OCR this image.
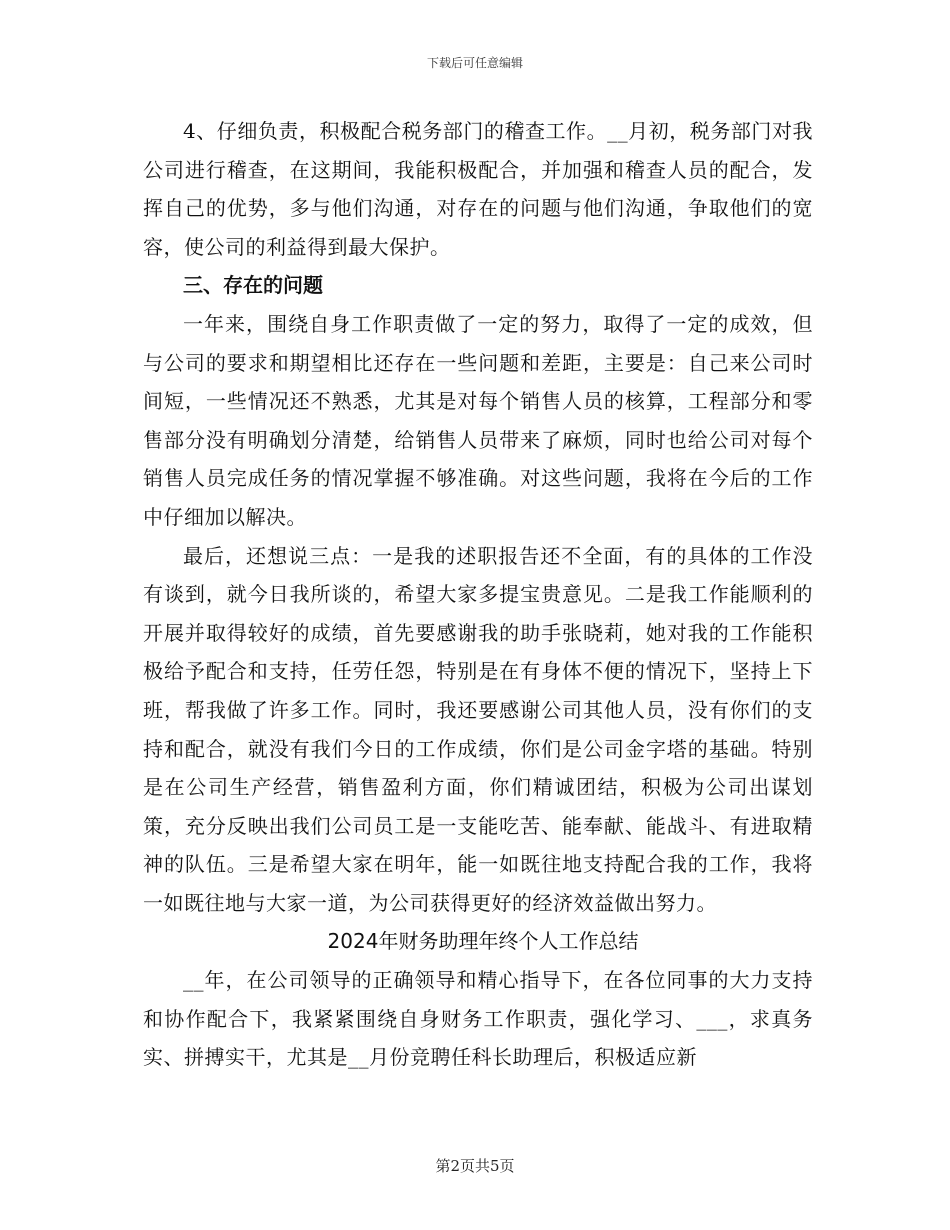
下载后可任意编辑

4、仔细负责，积极配合税务部门的稽查工作。__月初，税务部门对我公司进行稽查，在这期间，我能积极配合，并加强和稽查人员的配合，发挥自己的优势，多与他们沟通，对存在的问题与他们沟通，争取他们的宽容，使公司的利益得到最大保护。

三、存在的问题

一年来，围绕自身工作职责做了一定的努力，取得了一定的成效，但与公司的要求和期望相比还存在一些问题和差距，主要是：自己来公司时间短，一些情况还不熟悉，尤其是对每个销售人员的核算，工程部分和零售部分没有明确划分清楚，给销售人员带来了麻烦，同时也给公司对每个销售人员完成任务的情况掌握不够准确。对这些问题，我将在今后的工作中仔细加以解决。

最后，还想说三点：一是我的述职报告还不全面，有的具体的工作没有谈到，就今日我所谈的，希望大家多提宝贵意见。二是我工作能顺利的开展并取得较好的成绩，首先要感谢我的助手张晓莉，她对我的工作能积极给予配合和支持，任劳任怨，特别是在有身体不便的情况下，坚持上下班，帮我做了许多工作。同时，我还要感谢公司其他人员，没有你们的支持和配合，就没有我们今日的工作成绩，你们是公司金字塔的基础。特别是在公司生产经营，销售盈利方面，你们精诚团结，积极为公司出谋划策，充分反映出我们公司员工是一支能吃苦、能奉献、能战斗、有进取精神的队伍。三是希望大家在明年，能一如既往地支持配合我的工作，我将一如既往地与大家一道，为公司获得更好的经济效益做出努力。

2024年财务助理年终个人工作总结

__年，在公司领导的正确领导和精心指导下，在各位同事的大力支持和协作配合下，我紧紧围绕自身财务工作职责，强化学习、___，求真务实、拼搏实干，尤其是__月份竞聘任科长助理后，积极适应新

第2页共5页
